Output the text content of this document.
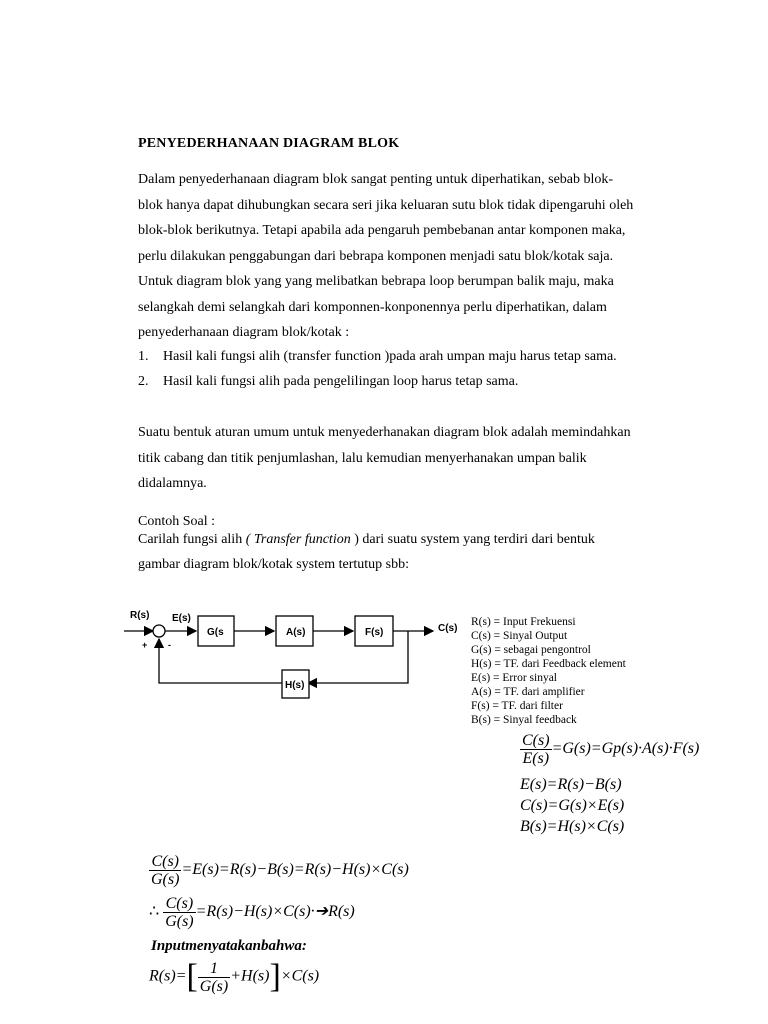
PENYEDERHANAAN DIAGRAM BLOK
Dalam penyederhanaan diagram blok sangat penting untuk diperhatikan, sebab blok-
blok hanya dapat dihubungkan secara seri jika keluaran sutu blok tidak dipengaruhi oleh
blok-blok berikutnya. Tetapi apabila ada pengaruh pembebanan antar komponen maka,
perlu dilakukan penggabungan dari bebrapa komponen menjadi satu blok/kotak saja.
Untuk diagram blok yang yang melibatkan bebrapa loop berumpan balik maju, maka
selangkah demi selangkah dari komponnen-konponennya perlu diperhatikan, dalam
penyederhanaan diagram blok/kotak :
1. Hasil kali fungsi alih (transfer function )pada arah umpan maju harus tetap sama.
2. Hasil kali fungsi alih pada pengelilingan loop harus tetap sama.
Suatu bentuk aturan umum untuk menyederhanakan diagram blok adalah memindahkan
titik cabang dan titik penjumlashan, lalu kemudian menyerhanakan umpan balik
didalamnya.
Contoh Soal :
Carilah fungsi alih ( Transfer function ) dari suatu system yang terdiri dari bentuk
gambar diagram blok/kotak system tertutup sbb:
R(s)
+ -
E(s)
G(s	A(s)	F(s)	C(s)
H(s)
R(s) = Input Frekuensi
C(s) = Sinyal Output
G(s) = sebagai pengontrol
H(s) = TF. dari Feedback element
E(s) = Error sinyal
A(s) = TF. dari amplifier
F(s) = TF. dari filter
B(s) = Sinyal feedback
$\frac{C(s)}{E(s)} =G(s)=Gp(s)\cdot A(s)\cdot F(s)$
E(s)=R(s)−B(s)
C(s)=G(s)×E(s)
B(s)=H(s)×C(s)
$\frac{C(s)}{G(s)} =E(s)=R(s)-B(s)=R(s)-H(s)\times C(s)$
∴ $\frac{C(s)}{G(s)}$ =R(s)−H(s)×C(s)·➔R(s)
Inputmenyatakanbahwa:
$R(s)=[ \frac{1}{G(s)} +H(s)]\times C(s)$
